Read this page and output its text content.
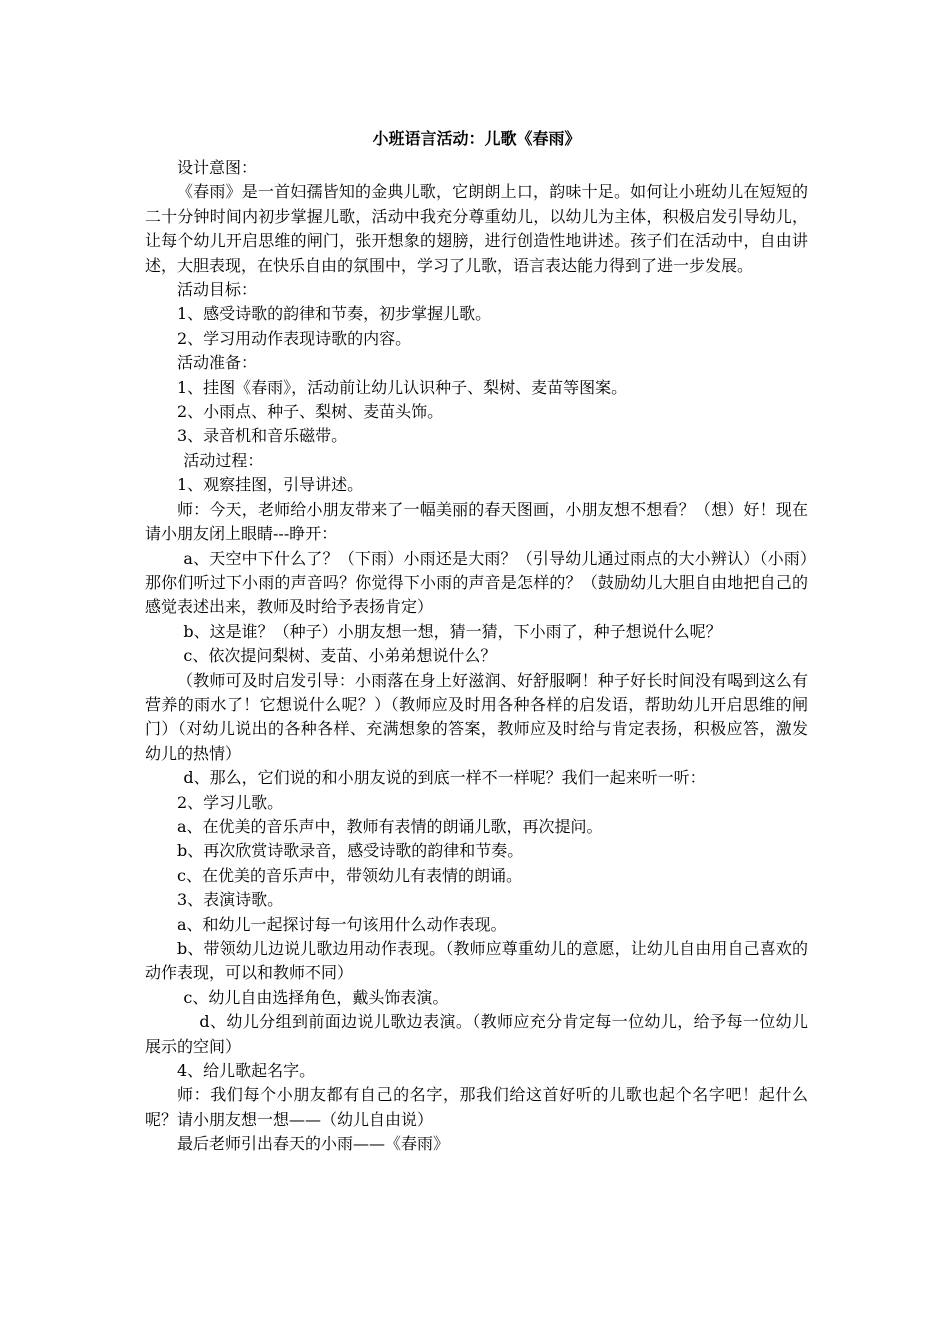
小班语言活动：儿歌《春雨》

设计意图：

《春雨》是一首妇孺皆知的金典儿歌，它朗朗上口，韵味十足。如何让小班幼儿在短短的二十分钟时间内初步掌握儿歌，活动中我充分尊重幼儿，以幼儿为主体，积极启发引导幼儿，让每个幼儿开启思维的闸门，张开想象的翅膀，进行创造性地讲述。孩子们在活动中，自由讲述，大胆表现，在快乐自由的氛围中，学习了儿歌，语言表达能力得到了进一步发展。

活动目标：

1、感受诗歌的韵律和节奏，初步掌握儿歌。

2、学习用动作表现诗歌的内容。

活动准备：

1、挂图《春雨》，活动前让幼儿认识种子、梨树、麦苗等图案。

2、小雨点、种子、梨树、麦苗头饰。

3、录音机和音乐磁带。

活动过程：

1、观察挂图，引导讲述。

师：今天，老师给小朋友带来了一幅美丽的春天图画，小朋友想不想看？（想）好！现在请小朋友闭上眼睛---睁开：

a、天空中下什么了？（下雨）小雨还是大雨？（引导幼儿通过雨点的大小辨认）（小雨）那你们听过下小雨的声音吗？你觉得下小雨的声音是怎样的？（鼓励幼儿大胆自由地把自己的感觉表述出来，教师及时给予表扬肯定）

b、这是谁？（种子）小朋友想一想，猜一猜，下小雨了，种子想说什么呢？

c、依次提问梨树、麦苗、小弟弟想说什么？

（教师可及时启发引导：小雨落在身上好滋润、好舒服啊！种子好长时间没有喝到这么有营养的雨水了！它想说什么呢？）（教师应及时用各种各样的启发语，帮助幼儿开启思维的闸门）（对幼儿说出的各种各样、充满想象的答案，教师应及时给与肯定表扬，积极应答，激发幼儿的热情）

d、那么，它们说的和小朋友说的到底一样不一样呢？我们一起来听一听：

2、学习儿歌。

a、在优美的音乐声中，教师有表情的朗诵儿歌，再次提问。

b、再次欣赏诗歌录音，感受诗歌的韵律和节奏。

c、在优美的音乐声中，带领幼儿有表情的朗诵。

3、表演诗歌。

a、和幼儿一起探讨每一句该用什么动作表现。

b、带领幼儿边说儿歌边用动作表现。（教师应尊重幼儿的意愿，让幼儿自由用自己喜欢的动作表现，可以和教师不同）

c、幼儿自由选择角色，戴头饰表演。

d、幼儿分组到前面边说儿歌边表演。（教师应充分肯定每一位幼儿，给予每一位幼儿展示的空间）

4、给儿歌起名字。

师：我们每个小朋友都有自己的名字，那我们给这首好听的儿歌也起个名字吧！起什么呢？请小朋友想一想——（幼儿自由说）

最后老师引出春天的小雨——《春雨》
